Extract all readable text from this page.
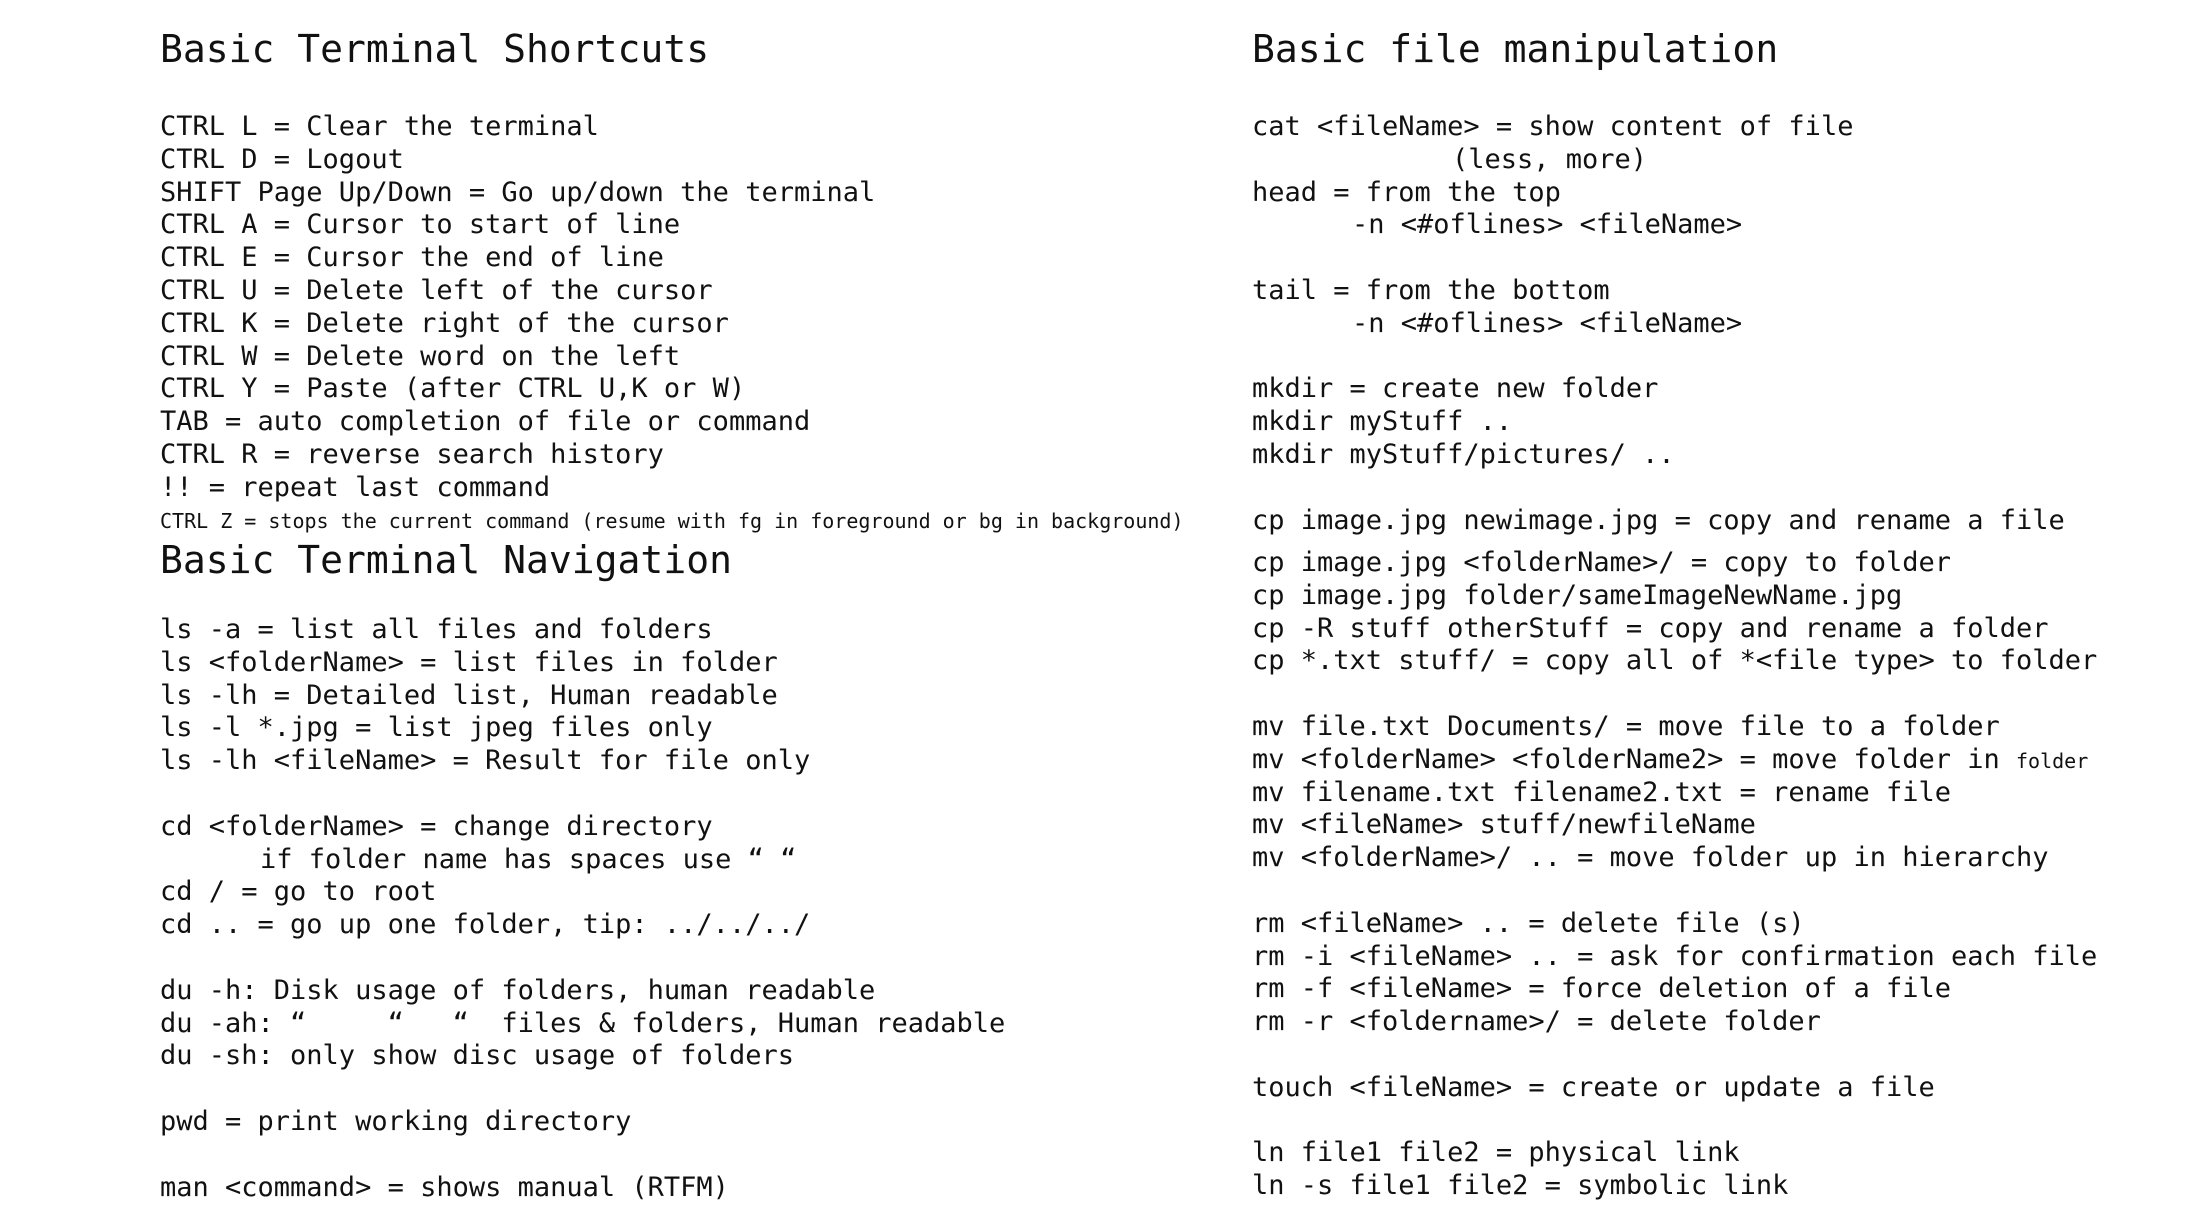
Basic Terminal Shortcuts
CTRL L = Clear the terminal
CTRL D = Logout
SHIFT Page Up/Down = Go up/down the terminal
CTRL A = Cursor to start of line
CTRL E = Cursor the end of line
CTRL U = Delete left of the cursor
CTRL K = Delete right of the cursor
CTRL W = Delete word on the left
CTRL Y = Paste (after CTRL U,K or W)
TAB = auto completion of file or command
CTRL R = reverse search history
!! = repeat last command
CTRL Z = stops the current command (resume with fg in foreground or bg in background)
Basic Terminal Navigation
ls -a = list all files and folders
ls <folderName> = list files in folder
ls -lh = Detailed list, Human readable
ls -l *.jpg = list jpeg files only
ls -lh <fileName> = Result for file only
cd <folderName> = change directory
if folder name has spaces use “ “
cd / = go to root
cd .. = go up one folder, tip: ../../../
du -h: Disk usage of folders, human readable
du -ah: “     “   “  files & folders, Human readable
du -sh: only show disc usage of folders
pwd = print working directory
man <command> = shows manual (RTFM)
Basic file manipulation
cat <fileName> = show content of file
(less, more)
head = from the top
-n <#oflines> <fileName>
tail = from the bottom
-n <#oflines> <fileName>
mkdir = create new folder
mkdir myStuff ..
mkdir myStuff/pictures/ ..
cp image.jpg newimage.jpg = copy and rename a file
cp image.jpg <folderName>/ = copy to folder
cp image.jpg folder/sameImageNewName.jpg
cp -R stuff otherStuff = copy and rename a folder
cp *.txt stuff/ = copy all of *<file type> to folder
mv file.txt Documents/ = move file to a folder
mv <folderName> <folderName2> = move folder in folder
mv filename.txt filename2.txt = rename file
mv <fileName> stuff/newfileName
mv <folderName>/ .. = move folder up in hierarchy
rm <fileName> .. = delete file (s)
rm -i <fileName> .. = ask for confirmation each file
rm -f <fileName> = force deletion of a file
rm -r <foldername>/ = delete folder
touch <fileName> = create or update a file
ln file1 file2 = physical link
ln -s file1 file2 = symbolic link
